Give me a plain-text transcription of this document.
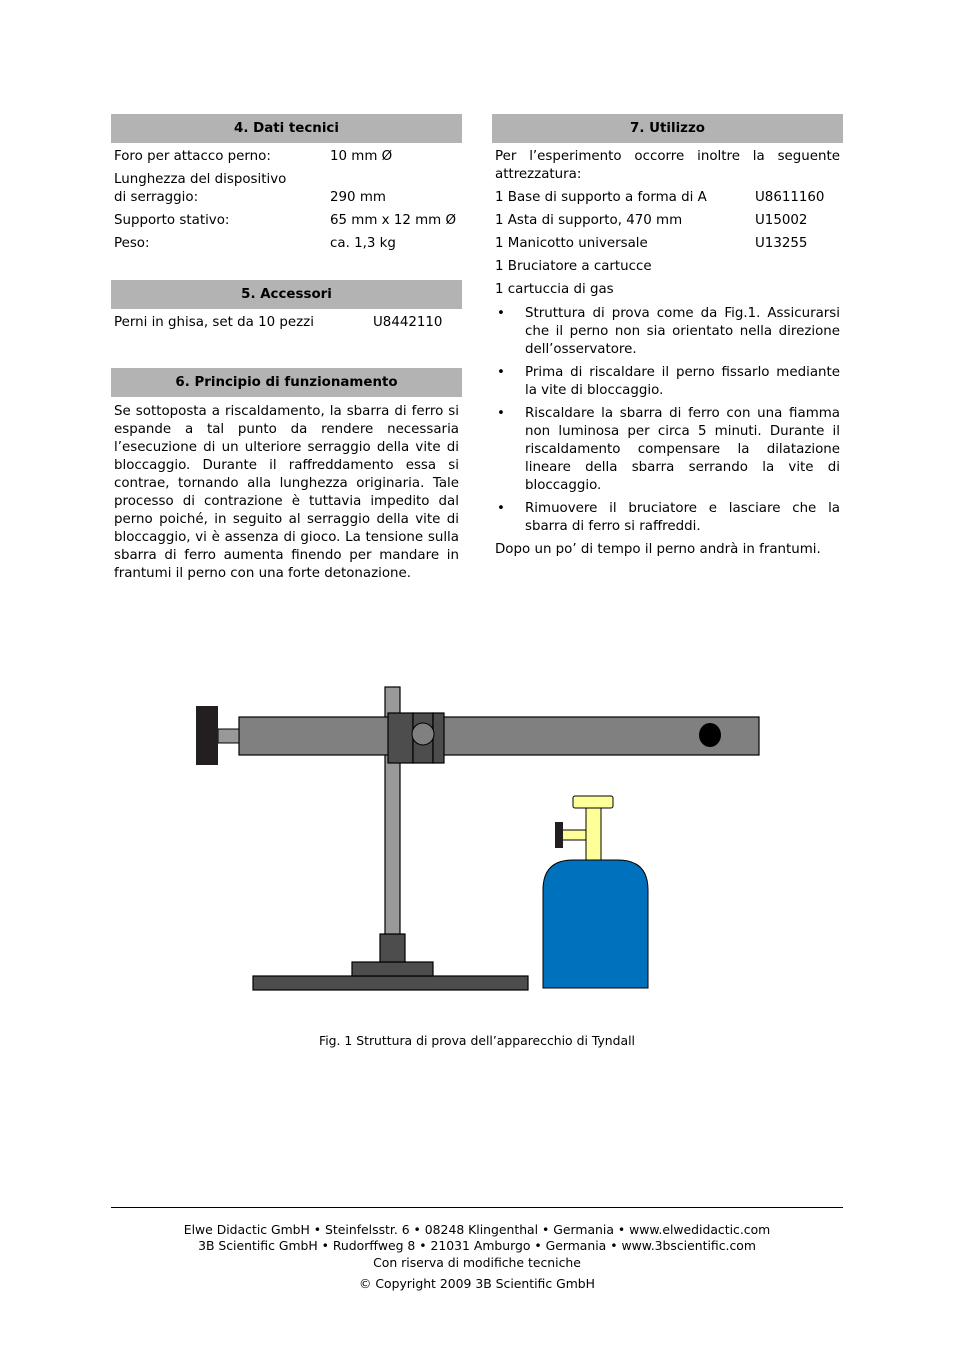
4. Dati tecnici
Foro per attacco perno:	10 mm Ø
Lunghezza del dispositivo
di serraggio:	290 mm
Supporto stativo:	65 mm x 12 mm Ø
Peso:	ca. 1,3 kg
5. Accessori
Perni in ghisa, set da 10 pezzi	U8442110
6. Principio di funzionamento
Se sottoposta a riscaldamento, la sbarra di ferro si espande a tal punto da rendere necessaria l’esecuzione di un ulteriore serraggio della vite di bloccaggio. Durante il raffreddamento essa si contrae, tornando alla lunghezza originaria. Tale processo di contrazione è tuttavia impedito dal perno poiché, in seguito al serraggio della vite di bloccaggio, vi è assenza di gioco. La tensione sulla sbarra di ferro aumenta finendo per mandare in frantumi il perno con una forte detonazione.
7. Utilizzo
Per l’esperimento occorre inoltre la seguente attrezzatura:
1 Base di supporto a forma di A	U8611160
1 Asta di supporto, 470 mm	U15002
1 Manicotto universale	U13255
1 Bruciatore a cartucce
1 cartuccia di gas
• Struttura di prova come da Fig.1. Assicurarsi che il perno non sia orientato nella direzione dell’osservatore.
• Prima di riscaldare il perno fissarlo mediante la vite di bloccaggio.
• Riscaldare la sbarra di ferro con una fiamma non luminosa per circa 5 minuti. Durante il riscaldamento compensare la dilatazione lineare della sbarra serrando la vite di bloccaggio.
• Rimuovere il bruciatore e lasciare che la sbarra di ferro si raffreddi.
Dopo un po’ di tempo il perno andrà in frantumi.
Fig. 1 Struttura di prova dell’apparecchio di Tyndall
Elwe Didactic GmbH • Steinfelsstr. 6 • 08248 Klingenthal • Germania • www.elwedidactic.com
3B Scientific GmbH • Rudorffweg 8 • 21031 Amburgo • Germania • www.3bscientific.com
Con riserva di modifiche tecniche
© Copyright 2009 3B Scientific GmbH
